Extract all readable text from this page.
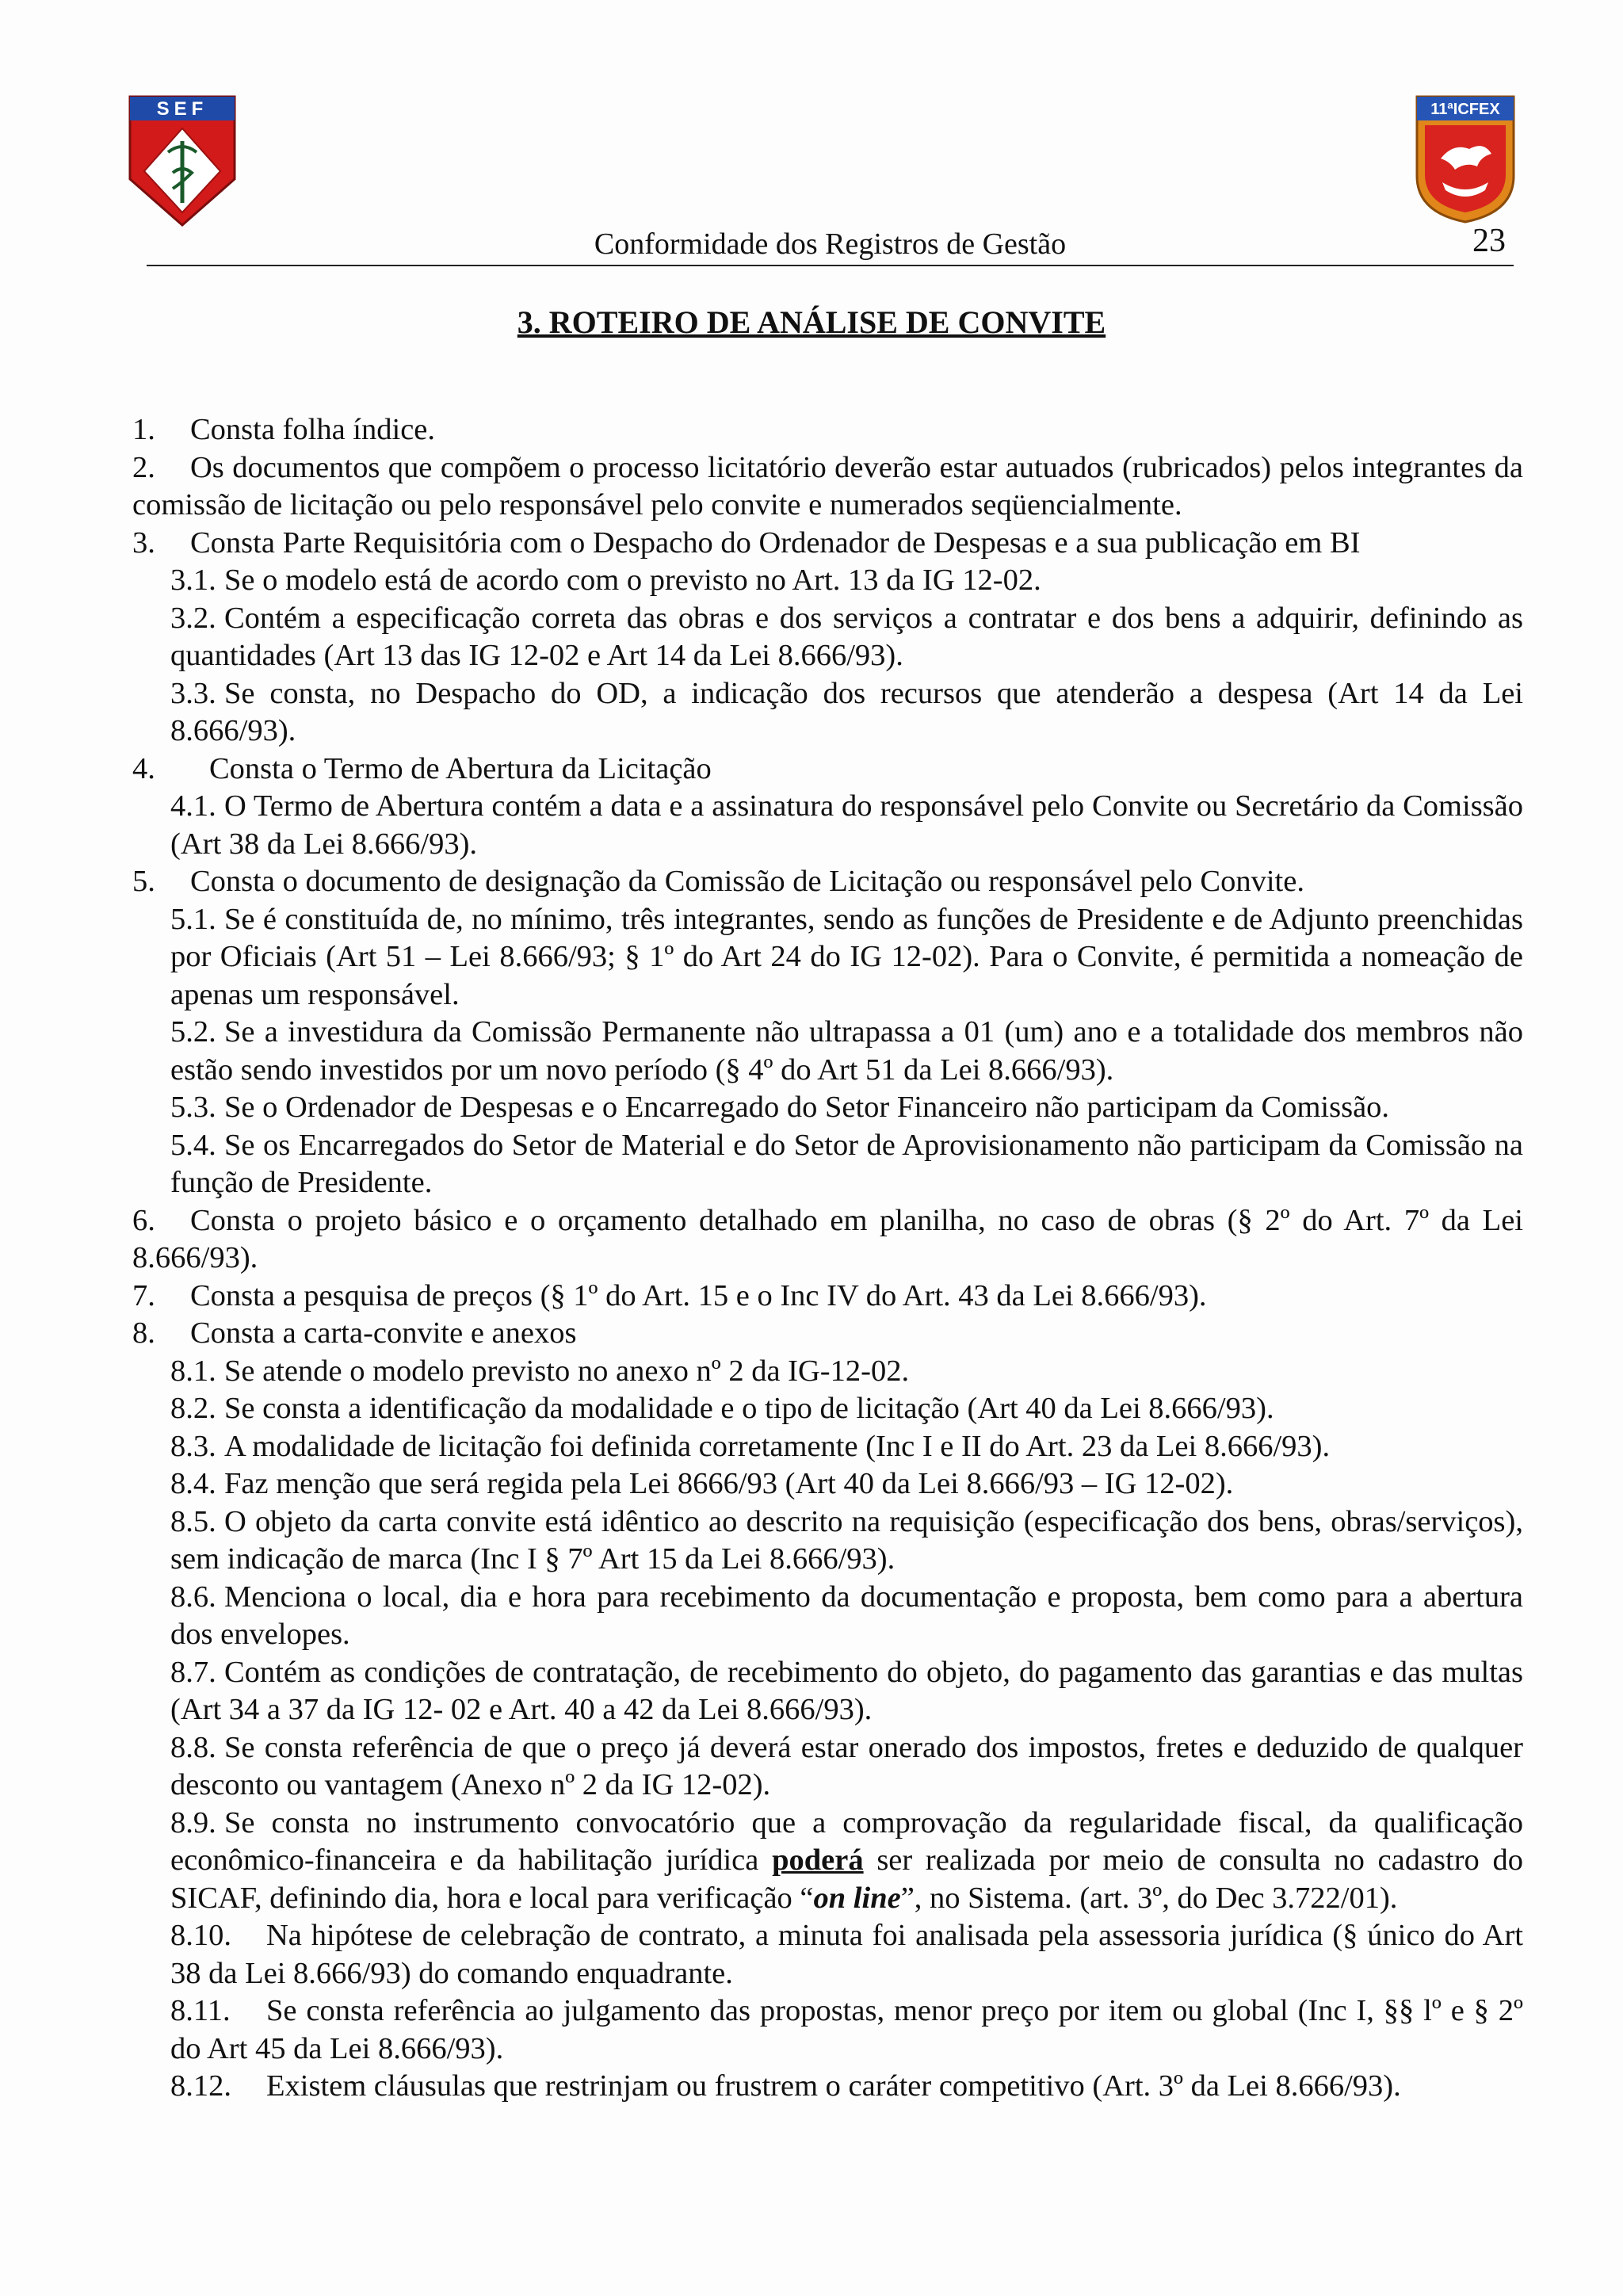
SEF	11ªICFEX
Conformidade dos Registros de Gestão	23
3. ROTEIRO DE ANÁLISE DE CONVITE

1. Consta folha índice.

2. Os documentos que compõem o processo licitatório deverão estar autuados (rubricados) pelos integrantes da comissão de licitação ou pelo responsável pelo convite e numerados seqüencialmente.

3. Consta Parte Requisitória com o Despacho do Ordenador de Despesas e a sua publicação em BI

3.1. Se o modelo está de acordo com o previsto no Art. 13 da IG 12-02.

3.2. Contém a especificação correta das obras e dos serviços a contratar e dos bens a adquirir, definindo as quantidades (Art 13 das IG 12-02 e Art 14 da Lei 8.666/93).

3.3. Se consta, no Despacho do OD, a indicação dos recursos que atenderão a despesa (Art 14 da Lei 8.666/93).

4. Consta o Termo de Abertura da Licitação

4.1. O Termo de Abertura contém a data e a assinatura do responsável pelo Convite ou Secretário da Comissão (Art 38 da Lei 8.666/93).

5. Consta o documento de designação da Comissão de Licitação ou responsável pelo Convite.

5.1. Se é constituída de, no mínimo, três integrantes, sendo as funções de Presidente e de Adjunto preenchidas por Oficiais (Art 51 – Lei 8.666/93; § 1º do Art 24 do IG 12-02). Para o Convite, é permitida a nomeação de apenas um responsável.

5.2. Se a investidura da Comissão Permanente não ultrapassa a 01 (um) ano e a totalidade dos membros não estão sendo investidos por um novo período (§ 4º do Art 51 da Lei 8.666/93).

5.3. Se o Ordenador de Despesas e o Encarregado do Setor Financeiro não participam da Comissão.

5.4. Se os Encarregados do Setor de Material e do Setor de Aprovisionamento não participam da Comissão na função de Presidente.

6. Consta o projeto básico e o orçamento detalhado em planilha, no caso de obras (§ 2º do Art. 7º da Lei 8.666/93).

7. Consta a pesquisa de preços (§ 1º do Art. 15 e o Inc IV do Art. 43 da Lei 8.666/93).

8. Consta a carta-convite e anexos

8.1. Se atende o modelo previsto no anexo nº 2 da IG-12-02.

8.2. Se consta a identificação da modalidade e o tipo de licitação (Art 40 da Lei 8.666/93).

8.3. A modalidade de licitação foi definida corretamente (Inc I e II do Art. 23 da Lei 8.666/93).

8.4. Faz menção que será regida pela Lei 8666/93 (Art 40 da Lei 8.666/93 – IG 12-02).

8.5. O objeto da carta convite está idêntico ao descrito na requisição (especificação dos bens, obras/serviços), sem indicação de marca (Inc I § 7º Art 15 da Lei 8.666/93).

8.6. Menciona o local, dia e hora para recebimento da documentação e proposta, bem como para a abertura dos envelopes.

8.7. Contém as condições de contratação, de recebimento do objeto, do pagamento das garantias e das multas (Art 34 a 37 da IG 12- 02 e Art. 40 a 42 da Lei 8.666/93).

8.8. Se consta referência de que o preço já deverá estar onerado dos impostos, fretes e deduzido de qualquer desconto ou vantagem (Anexo nº 2 da IG 12-02).

8.9. Se consta no instrumento convocatório que a comprovação da regularidade fiscal, da qualificação econômico-financeira e da habilitação jurídica poderá ser realizada por meio de consulta no cadastro do SICAF, definindo dia, hora e local para verificação “on line”, no Sistema. (art. 3º, do Dec 3.722/01).

8.10. Na hipótese de celebração de contrato, a minuta foi analisada pela assessoria jurídica (§ único do Art 38 da Lei 8.666/93) do comando enquadrante.

8.11. Se consta referência ao julgamento das propostas, menor preço por item ou global (Inc I, §§ lº e § 2º do Art 45 da Lei 8.666/93).

8.12. Existem cláusulas que restrinjam ou frustrem o caráter competitivo (Art. 3º da Lei 8.666/93).
